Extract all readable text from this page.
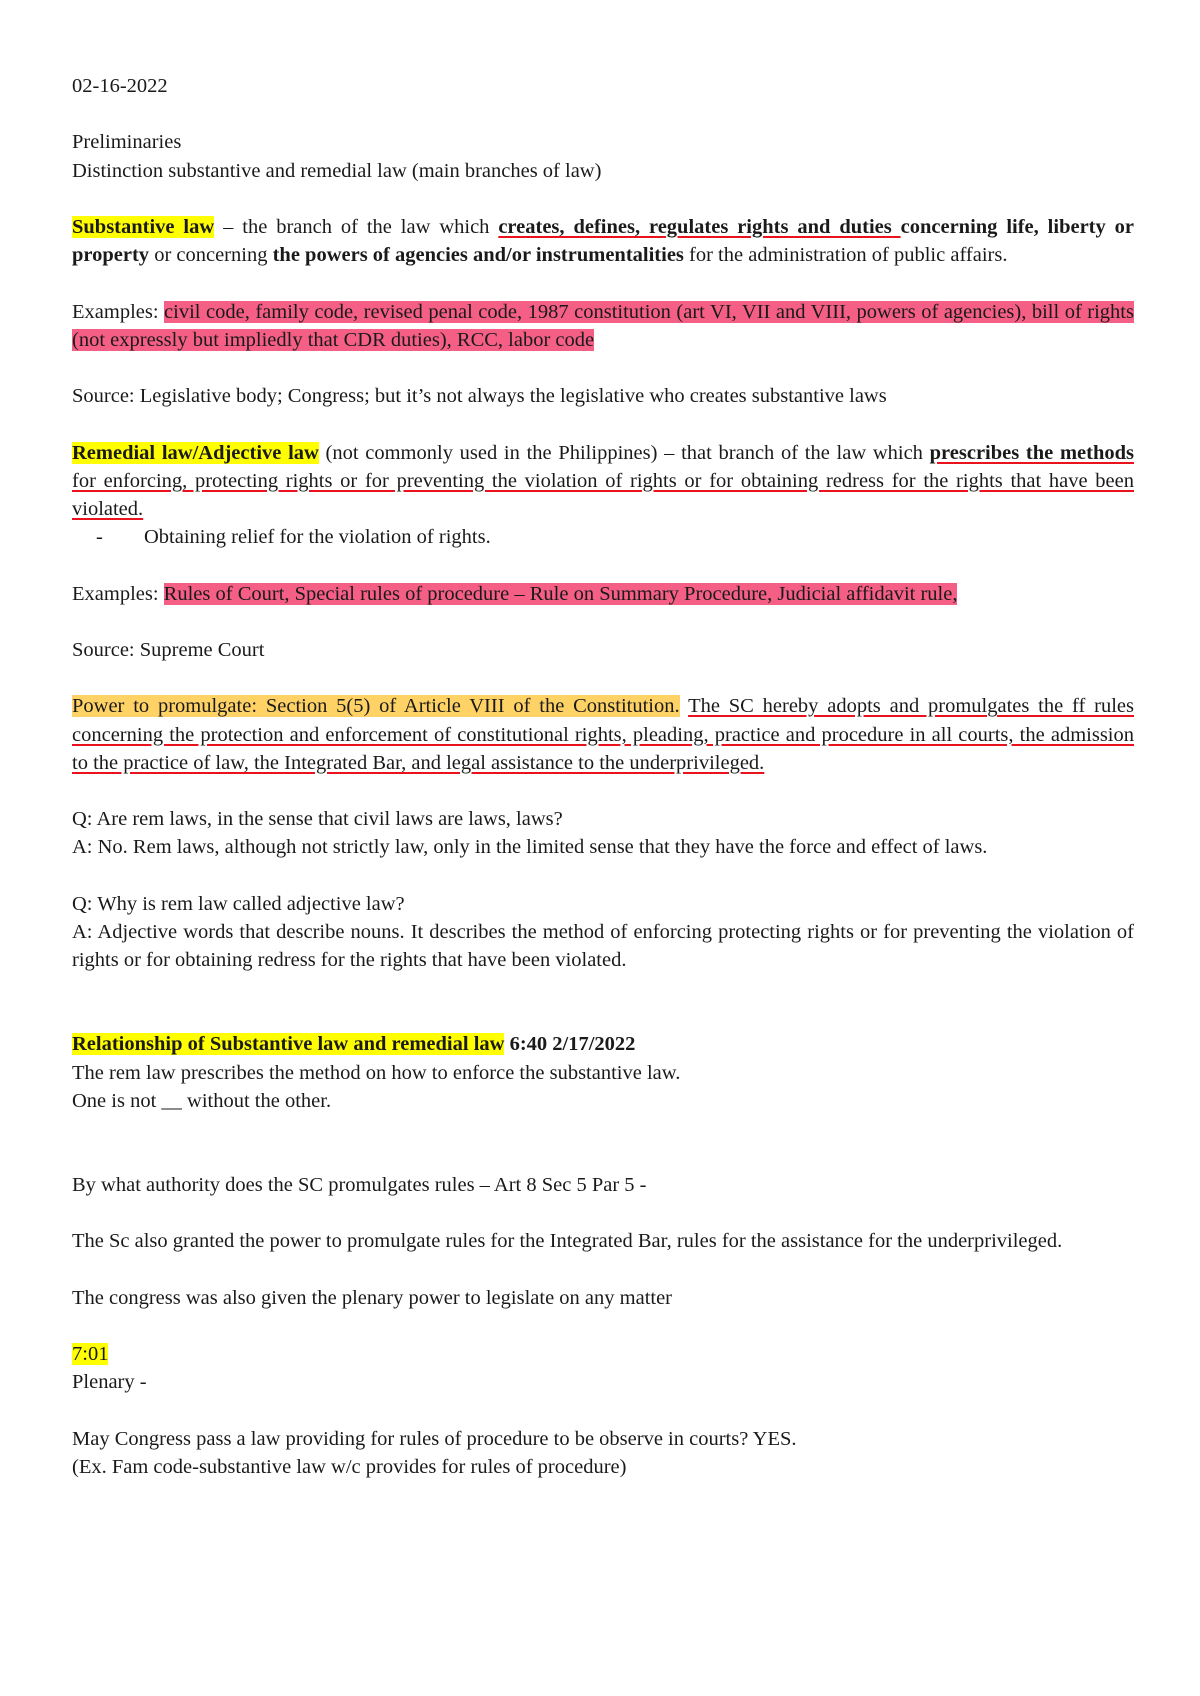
02-16-2022

Preliminaries

Distinction substantive and remedial law (main branches of law)

Substantive law – the branch of the law which creates, defines, regulates rights and duties concerning life, liberty or property or concerning the powers of agencies and/or instrumentalities for the administration of public affairs.

Examples: civil code, family code, revised penal code, 1987 constitution (art VI, VII and VIII, powers of agencies), bill of rights (not expressly but impliedly that CDR duties), RCC, labor code

Source: Legislative body; Congress; but it’s not always the legislative who creates substantive laws

Remedial law/Adjective law (not commonly used in the Philippines) – that branch of the law which prescribes the methods for enforcing, protecting rights or for preventing the violation of rights or for obtaining redress for the rights that have been violated.

-	Obtaining relief for the violation of rights.

Examples: Rules of Court, Special rules of procedure – Rule on Summary Procedure, Judicial affidavit rule,

Source: Supreme Court

Power to promulgate: Section 5(5) of Article VIII of the Constitution. The SC hereby adopts and promulgates the ff rules concerning the protection and enforcement of constitutional rights, pleading, practice and procedure in all courts, the admission to the practice of law, the Integrated Bar, and legal assistance to the underprivileged.

Q: Are rem laws, in the sense that civil laws are laws, laws?

A: No. Rem laws, although not strictly law, only in the limited sense that they have the force and effect of laws.

Q: Why is rem law called adjective law?

A: Adjective words that describe nouns. It describes the method of enforcing protecting rights or for preventing the violation of rights or for obtaining redress for the rights that have been violated.

Relationship of Substantive law and remedial law 6:40 2/17/2022

The rem law prescribes the method on how to enforce the substantive law.

One is not __ without the other.

By what authority does the SC promulgates rules – Art 8 Sec 5 Par 5 -

The Sc also granted the power to promulgate rules for the Integrated Bar, rules for the assistance for the underprivileged.

The congress was also given the plenary power to legislate on any matter

7:01

Plenary -

May Congress pass a law providing for rules of procedure to be observe in courts? YES.

(Ex. Fam code-substantive law w/c provides for rules of procedure)
